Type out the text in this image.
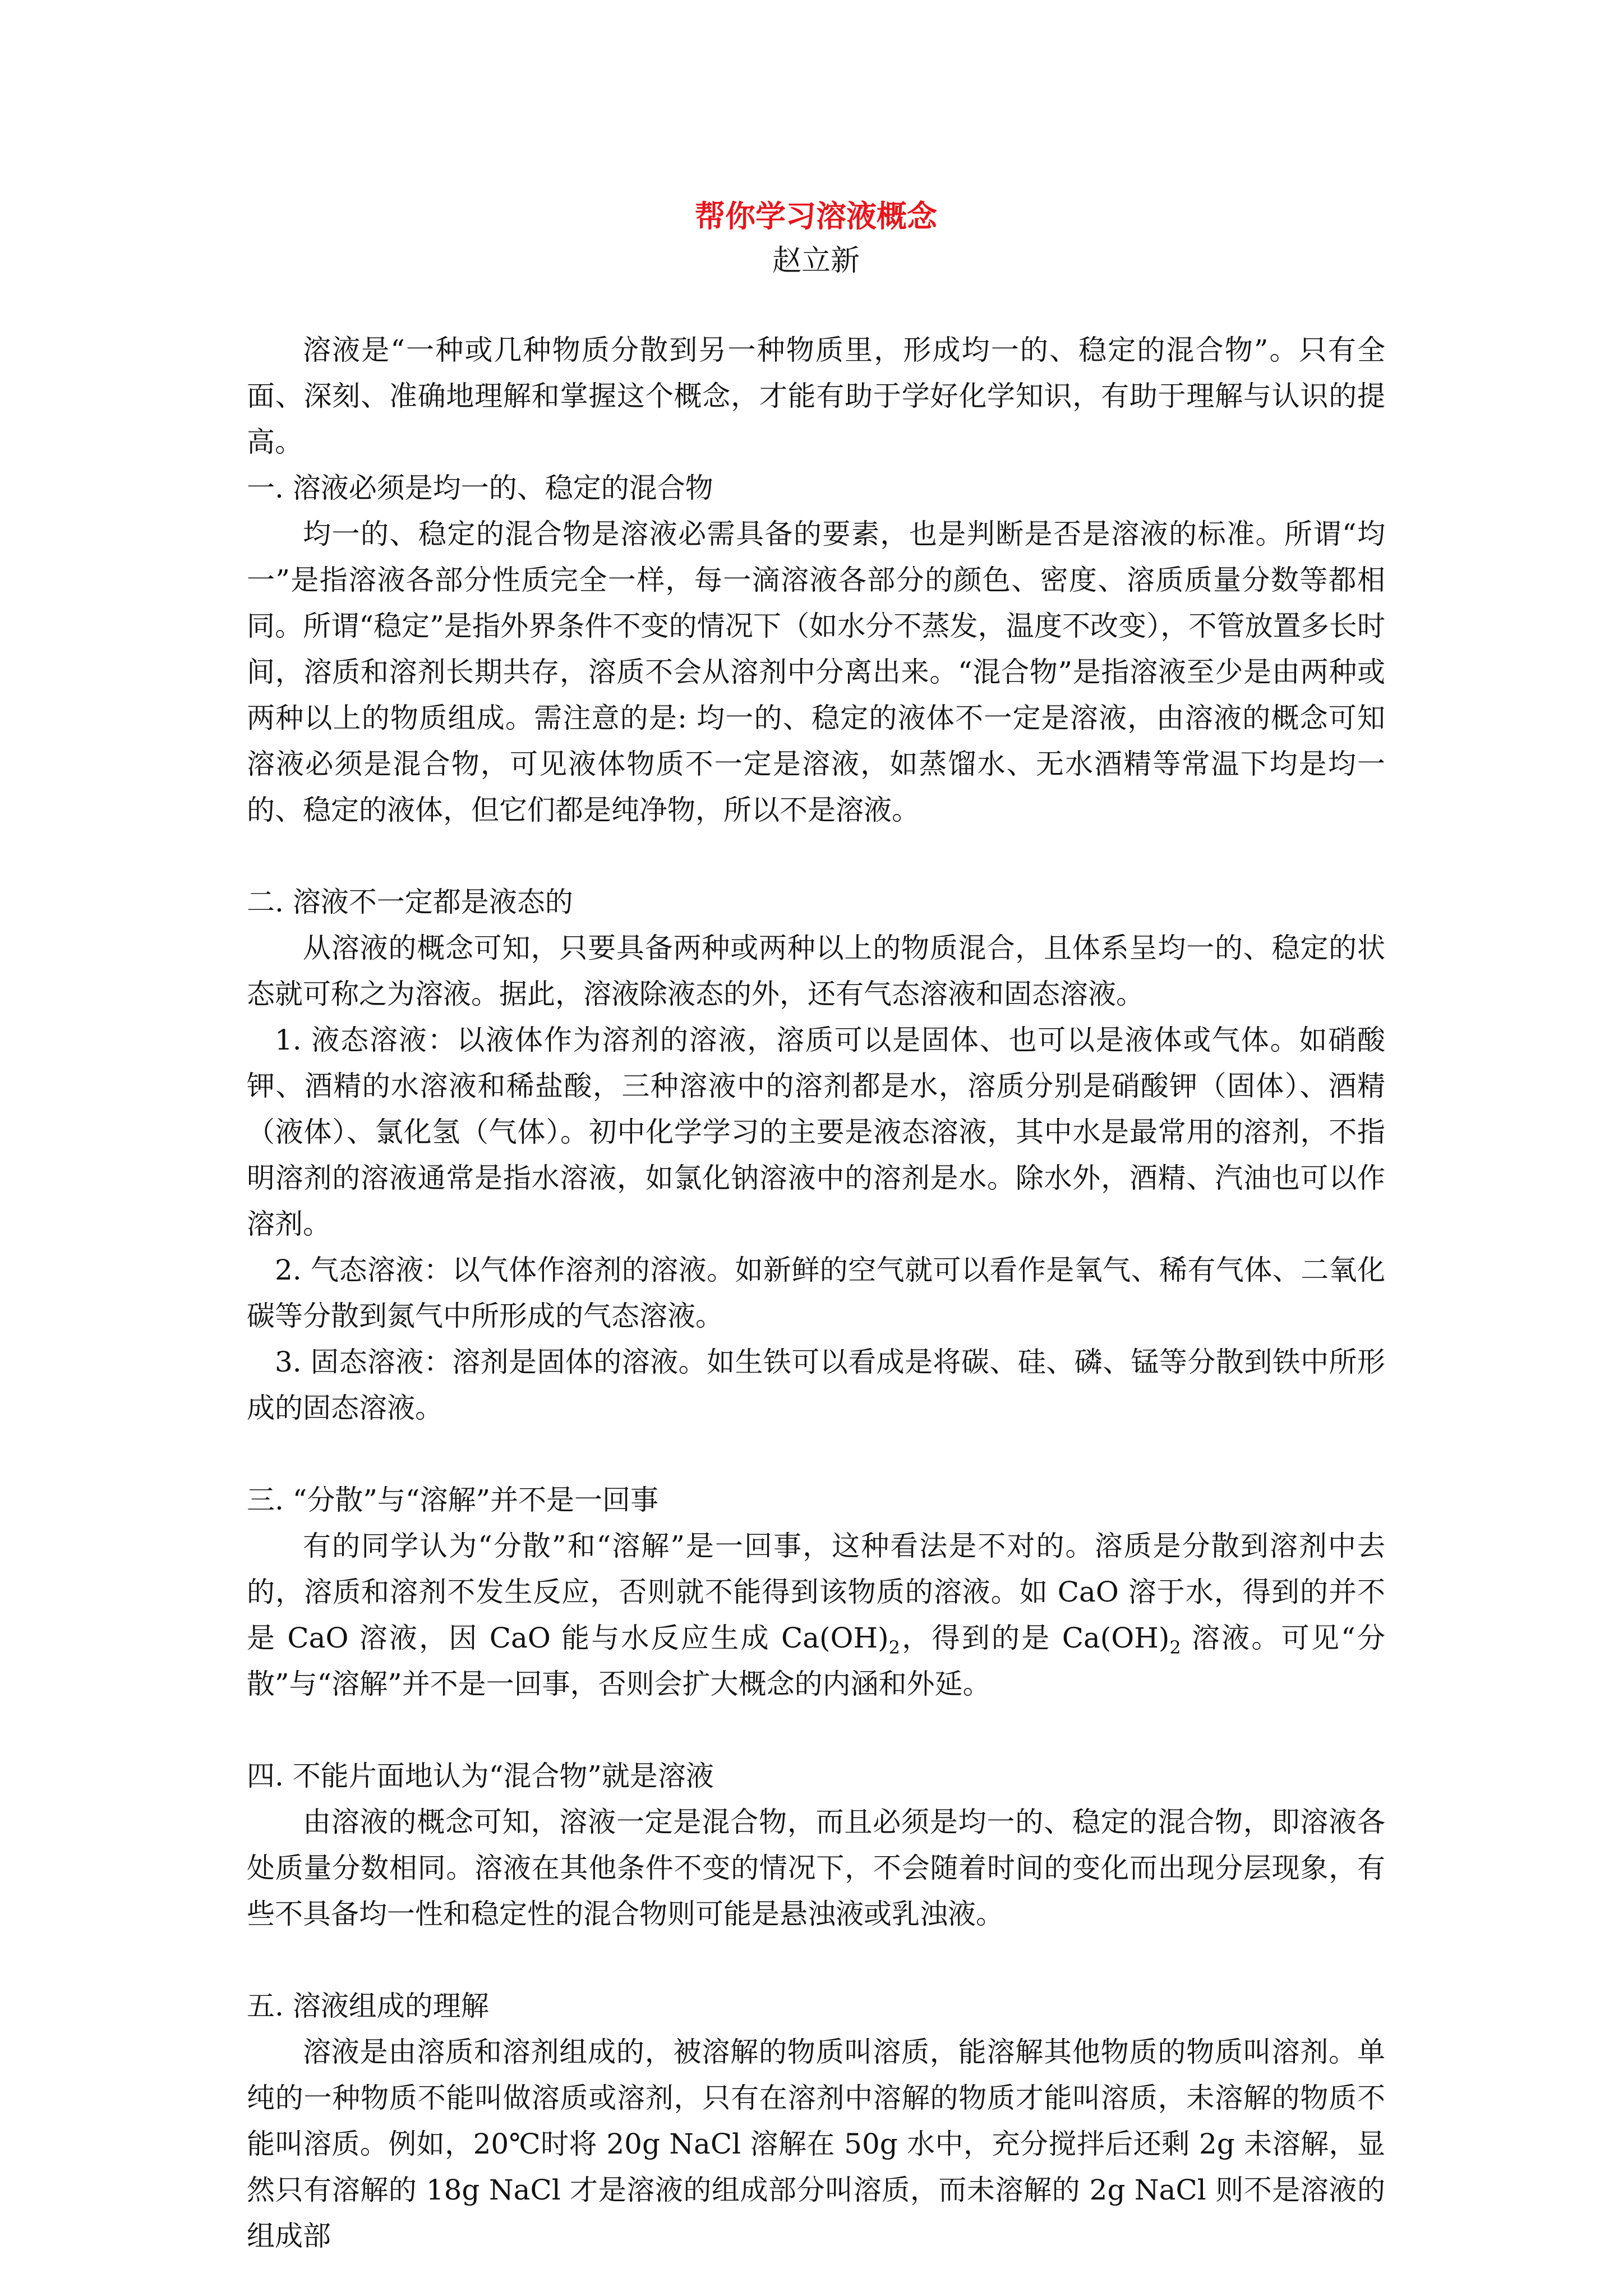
帮你学习溶液概念

赵立新

溶液是“一种或几种物质分散到另一种物质里，形成均一的、稳定的混合物”。只有全面、深刻、准确地理解和掌握这个概念，才能有助于学好化学知识，有助于理解与认识的提高。

一. 溶液必须是均一的、稳定的混合物

均一的、稳定的混合物是溶液必需具备的要素，也是判断是否是溶液的标准。所谓“均一”是指溶液各部分性质完全一样，每一滴溶液各部分的颜色、密度、溶质质量分数等都相同。所谓“稳定”是指外界条件不变的情况下（如水分不蒸发，温度不改变），不管放置多长时间，溶质和溶剂长期共存，溶质不会从溶剂中分离出来。“混合物”是指溶液至少是由两种或两种以上的物质组成。需注意的是: 均一的、稳定的液体不一定是溶液，由溶液的概念可知溶液必须是混合物，可见液体物质不一定是溶液，如蒸馏水、无水酒精等常温下均是均一的、稳定的液体，但它们都是纯净物，所以不是溶液。

二. 溶液不一定都是液态的

从溶液的概念可知，只要具备两种或两种以上的物质混合，且体系呈均一的、稳定的状态就可称之为溶液。据此，溶液除液态的外，还有气态溶液和固态溶液。

1. 液态溶液：以液体作为溶剂的溶液，溶质可以是固体、也可以是液体或气体。如硝酸钾、酒精的水溶液和稀盐酸，三种溶液中的溶剂都是水，溶质分别是硝酸钾（固体）、酒精（液体）、氯化氢（气体）。初中化学学习的主要是液态溶液，其中水是最常用的溶剂，不指明溶剂的溶液通常是指水溶液，如氯化钠溶液中的溶剂是水。除水外，酒精、汽油也可以作溶剂。

2. 气态溶液：以气体作溶剂的溶液。如新鲜的空气就可以看作是氧气、稀有气体、二氧化碳等分散到氮气中所形成的气态溶液。

3. 固态溶液：溶剂是固体的溶液。如生铁可以看成是将碳、硅、磷、锰等分散到铁中所形成的固态溶液。

三. “分散”与“溶解”并不是一回事

有的同学认为“分散”和“溶解”是一回事，这种看法是不对的。溶质是分散到溶剂中去的，溶质和溶剂不发生反应，否则就不能得到该物质的溶液。如 CaO 溶于水，得到的并不是 CaO 溶液，因 CaO 能与水反应生成 $Ca(OH)_2$，得到的是 $Ca(OH)_2$ 溶液。可见“分散”与“溶解”并不是一回事，否则会扩大概念的内涵和外延。

四. 不能片面地认为“混合物”就是溶液

由溶液的概念可知，溶液一定是混合物，而且必须是均一的、稳定的混合物，即溶液各处质量分数相同。溶液在其他条件不变的情况下，不会随着时间的变化而出现分层现象，有些不具备均一性和稳定性的混合物则可能是悬浊液或乳浊液。

五. 溶液组成的理解

溶液是由溶质和溶剂组成的，被溶解的物质叫溶质，能溶解其他物质的物质叫溶剂。单纯的一种物质不能叫做溶质或溶剂，只有在溶剂中溶解的物质才能叫溶质，未溶解的物质不能叫溶质。例如，20℃时将 20g NaCl 溶解在 50g 水中，充分搅拌后还剩 2g 未溶解，显然只有溶解的 18g NaCl 才是溶液的组成部分叫溶质，而未溶解的 2g NaCl 则不是溶液的组成部
